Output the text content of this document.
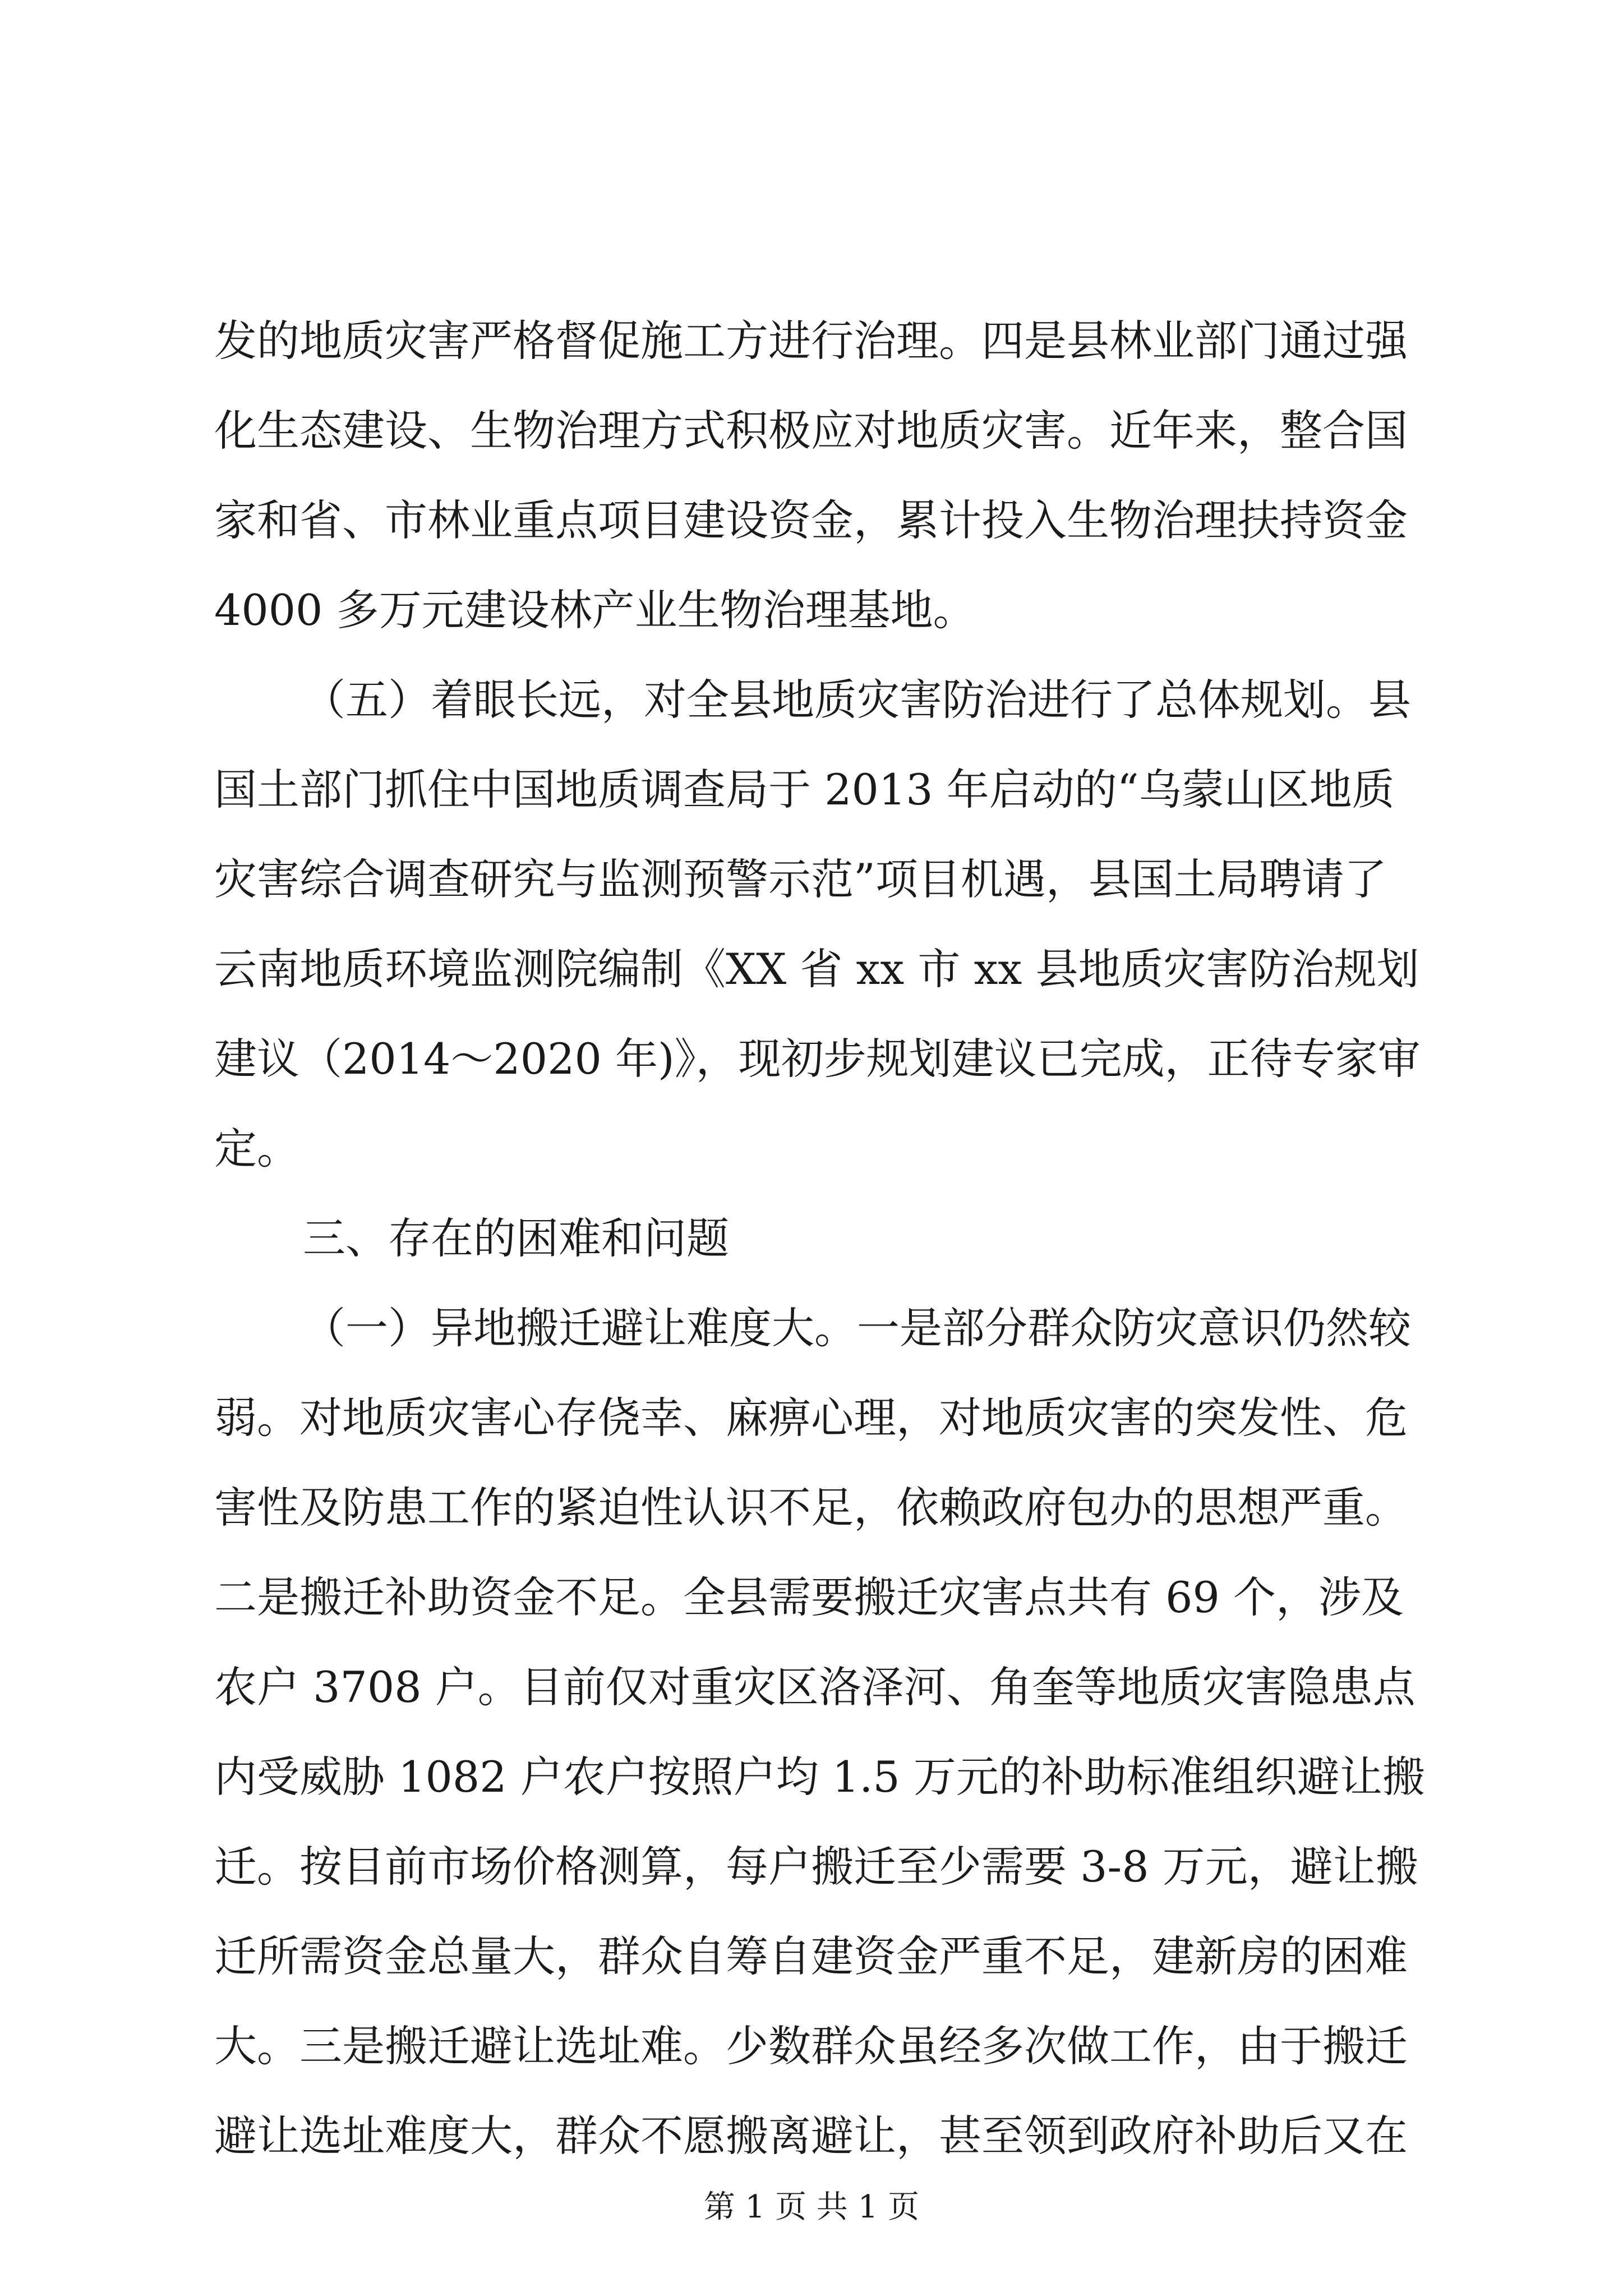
发的地质灾害严格督促施工方进行治理。四是县林业部门通过强
化生态建设、生物治理方式积极应对地质灾害。近年来，整合国
家和省、市林业重点项目建设资金，累计投入生物治理扶持资金
4000 多万元建设林产业生物治理基地。
（五）着眼长远，对全县地质灾害防治进行了总体规划。县
国土部门抓住中国地质调查局于 2013 年启动的“乌蒙山区地质
灾害综合调查研究与监测预警示范”项目机遇，县国土局聘请了
云南地质环境监测院编制《XX 省 xx 市 xx 县地质灾害防治规划
建议（2014～2020 年)》，现初步规划建议已完成，正待专家审
定。
三、存在的困难和问题
（一）异地搬迁避让难度大。一是部分群众防灾意识仍然较
弱。对地质灾害心存侥幸、麻痹心理，对地质灾害的突发性、危
害性及防患工作的紧迫性认识不足，依赖政府包办的思想严重。
二是搬迁补助资金不足。全县需要搬迁灾害点共有 69 个，涉及
农户 3708 户。目前仅对重灾区洛泽河、角奎等地质灾害隐患点
内受威胁 1082 户农户按照户均 1.5 万元的补助标准组织避让搬
迁。按目前市场价格测算，每户搬迁至少需要 3-8 万元，避让搬
迁所需资金总量大，群众自筹自建资金严重不足，建新房的困难
大。三是搬迁避让选址难。少数群众虽经多次做工作，由于搬迁
避让选址难度大，群众不愿搬离避让，甚至领到政府补助后又在
第 1 页 共 1 页
